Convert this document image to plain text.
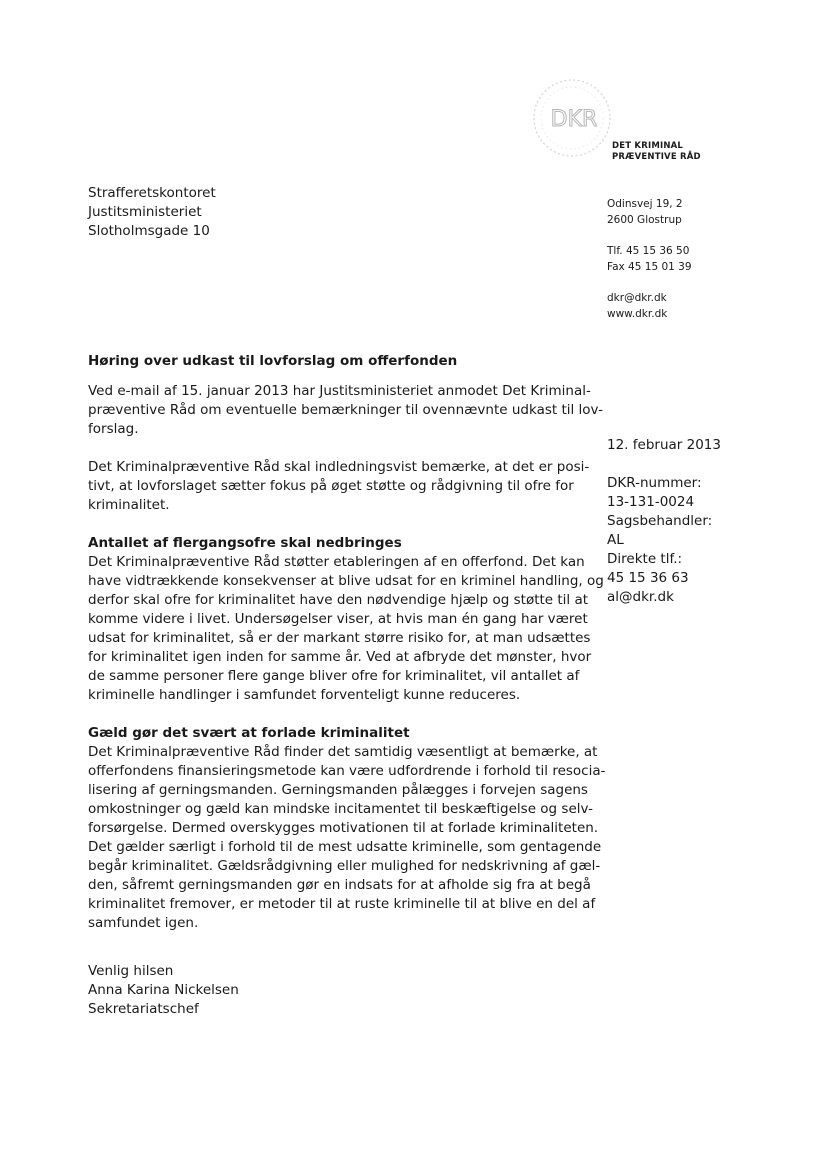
DKR
DET KRIMINAL
PRÆVENTIVE RÅD
Strafferetskontoret
Justitsministeriet
Slotholmsgade 10
Odinsvej 19, 2
2600 Glostrup
Tlf. 45 15 36 50
Fax 45 15 01 39
dkr@dkr.dk
www.dkr.dk
12. februar 2013
DKR-nummer:
13-131-0024
Sagsbehandler:
AL
Direkte tlf.:
45 15 36 63
al@dkr.dk
Høring over udkast til lovforslag om offerfonden

Ved e-mail af 15. januar 2013 har Justitsministeriet anmodet Det Kriminal-
præventive Råd om eventuelle bemærkninger til ovennævnte udkast til lov-
forslag.

Det Kriminalpræventive Råd skal indledningsvist bemærke, at det er posi-
tivt, at lovforslaget sætter fokus på øget støtte og rådgivning til ofre for
kriminalitet.

Antallet af flergangsofre skal nedbringes

Det Kriminalpræventive Råd støtter etableringen af en offerfond. Det kan
have vidtrækkende konsekvenser at blive udsat for en kriminel handling, og
derfor skal ofre for kriminalitet have den nødvendige hjælp og støtte til at
komme videre i livet. Undersøgelser viser, at hvis man én gang har været
udsat for kriminalitet, så er der markant større risiko for, at man udsættes
for kriminalitet igen inden for samme år. Ved at afbryde det mønster, hvor
de samme personer flere gange bliver ofre for kriminalitet, vil antallet af
kriminelle handlinger i samfundet forventeligt kunne reduceres.

Gæld gør det svært at forlade kriminalitet

Det Kriminalpræventive Råd finder det samtidig væsentligt at bemærke, at
offerfondens finansieringsmetode kan være udfordrende i forhold til resocia-
lisering af gerningsmanden. Gerningsmanden pålægges i forvejen sagens
omkostninger og gæld kan mindske incitamentet til beskæftigelse og selv-
forsørgelse. Dermed overskygges motivationen til at forlade kriminaliteten.
Det gælder særligt i forhold til de mest udsatte kriminelle, som gentagende
begår kriminalitet. Gældsrådgivning eller mulighed for nedskrivning af gæl-
den, såfremt gerningsmanden gør en indsats for at afholde sig fra at begå
kriminalitet fremover, er metoder til at ruste kriminelle til at blive en del af
samfundet igen.

Venlig hilsen
Anna Karina Nickelsen
Sekretariatschef
